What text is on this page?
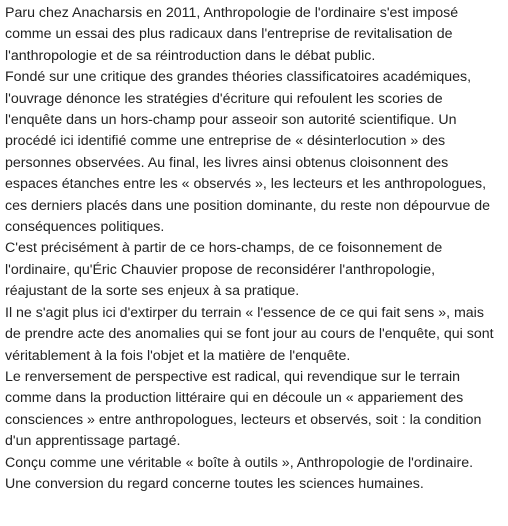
Paru chez Anacharsis en 2011, Anthropologie de l'ordinaire s'est imposé
comme un essai des plus radicaux dans l'entreprise de revitalisation de
l'anthropologie et de sa réintroduction dans le débat public.
Fondé sur une critique des grandes théories classificatoires académiques,
l'ouvrage dénonce les stratégies d'écriture qui refoulent les scories de
l'enquête dans un hors-champ pour asseoir son autorité scientifique. Un
procédé ici identifié comme une entreprise de « désinterlocution » des
personnes observées. Au final, les livres ainsi obtenus cloisonnent des
espaces étanches entre les « observés », les lecteurs et les anthropologues,
ces derniers placés dans une position dominante, du reste non dépourvue de
conséquences politiques.
C'est précisément à partir de ce hors-champs, de ce foisonnement de
l'ordinaire, qu'Éric Chauvier propose de reconsidérer l'anthropologie,
réajustant de la sorte ses enjeux à sa pratique.
Il ne s'agit plus ici d'extirper du terrain « l'essence de ce qui fait sens », mais
de prendre acte des anomalies qui se font jour au cours de l'enquête, qui sont
véritablement à la fois l'objet et la matière de l'enquête.
Le renversement de perspective est radical, qui revendique sur le terrain
comme dans la production littéraire qui en découle un « appariement des
consciences » entre anthropologues, lecteurs et observés, soit : la condition
d'un apprentissage partagé.
Conçu comme une véritable « boîte à outils », Anthropologie de l'ordinaire.
Une conversion du regard concerne toutes les sciences humaines.
